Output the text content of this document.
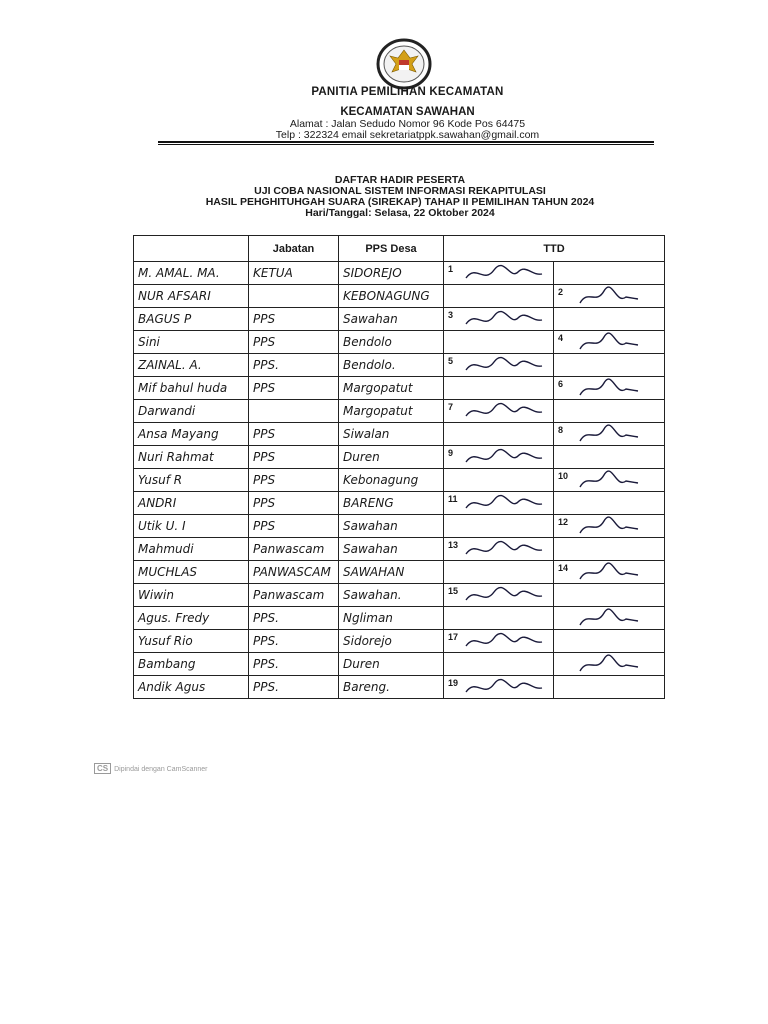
PANITIA PEMILIHAN KECAMATAN
KECAMATAN SAWAHAN
Alamat : Jalan Sedudo Nomor 96 Kode Pos 64475
Telp : 322324 email sekretariatppk.sawahan@gmail.com
DAFTAR HADIR PESERTA
UJI COBA NASIONAL SISTEM INFORMASI REKAPITULASI
HASIL PEHGHITUHGAH SUARA (SIREKAP) TAHAP II PEMILIHAN TAHUN 2024
Hari/Tanggal: Selasa, 22 Oktober 2024
	Jabatan	PPS Desa	TTD	
M. AMAL. MA.	KETUA	SIDOREJO	1	

NUR AFSARI		KEBONAGUNG		2

BAGUS P	PPS	Sawahan	3	

Sini	PPS	Bendolo		4

ZAINAL. A.	PPS.	Bendolo.	5	

Mif bahul huda	PPS	Margopatut		6

Darwandi		Margopatut	7	

Ansa Mayang	PPS	Siwalan		8

Nuri Rahmat	PPS	Duren	9	

Yusuf R	PPS	Kebonagung		10

ANDRI	PPS	BARENG	11	

Utik U. I	PPS	Sawahan		12

Mahmudi	Panwascam	Sawahan	13	

MUCHLAS	PANWASCAM	SAWAHAN		14

Wiwin	Panwascam	Sawahan.	15	

Agus. Fredy	PPS.	Ngliman		

Yusuf Rio	PPS.	Sidorejo	17	

Bambang	PPS.	Duren		

Andik Agus	PPS.	Bareng.	19	

CS Dipindai dengan CamScanner
